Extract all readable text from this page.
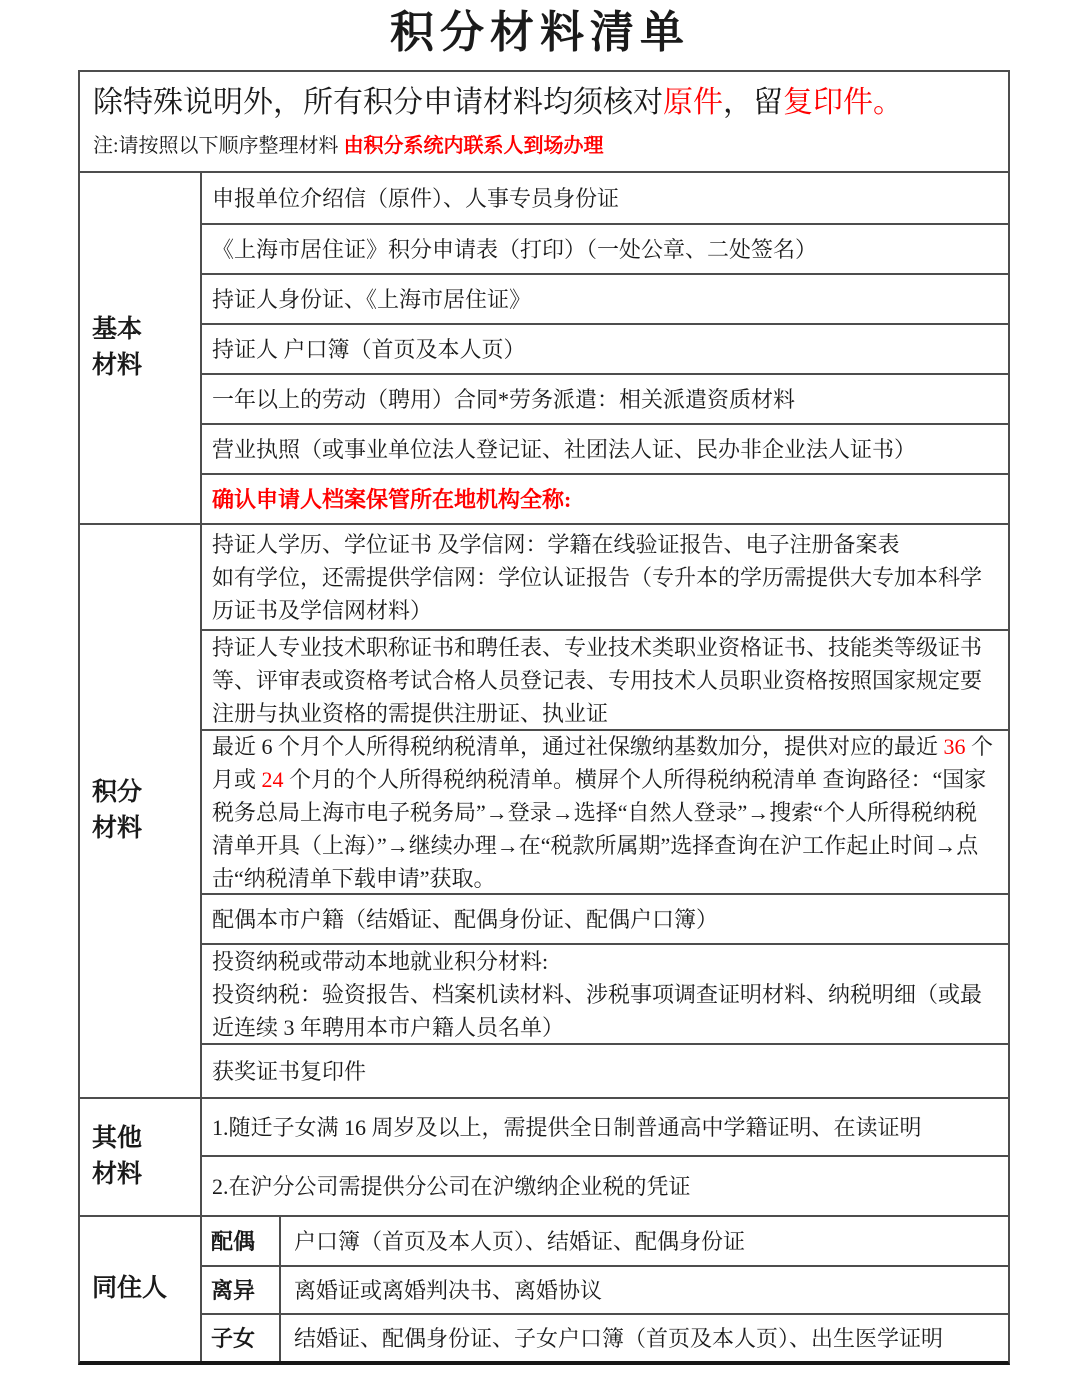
积分材料清单
除特殊说明外，所有积分申请材料均须核对原件，留复印件。
注:请按照以下顺序整理材料 由积分系统内联系人到场办理
基本
材料
申报单位介绍信（原件）、人事专员身份证
《上海市居住证》积分申请表（打印）（一处公章、二处签名）
持证人身份证、《上海市居住证》
持证人 户口簿（首页及本人页）
一年以上的劳动（聘用）合同*劳务派遣：相关派遣资质材料
营业执照（或事业单位法人登记证、社团法人证、民办非企业法人证书）
确认申请人档案保管所在地机构全称:
积分
材料
持证人学历、学位证书 及学信网：学籍在线验证报告、电子注册备案表
如有学位，还需提供学信网：学位认证报告（专升本的学历需提供大专加本科学历证书及学信网材料）
持证人专业技术职称证书和聘任表、专业技术类职业资格证书、技能类等级证书等、评审表或资格考试合格人员登记表、专用技术人员职业资格按照国家规定要注册与执业资格的需提供注册证、执业证
最近 6 个月个人所得税纳税清单，通过社保缴纳基数加分，提供对应的最近 36 个月或 24 个月的个人所得税纳税清单。横屏个人所得税纳税清单 查询路径：“国家税务总局上海市电子税务局”→登录→选择“自然人登录”→搜索“个人所得税纳税清单开具（上海）”→继续办理→在“税款所属期”选择查询在沪工作起止时间→点击“纳税清单下载申请”获取。
配偶本市户籍（结婚证、配偶身份证、配偶户口簿）
投资纳税或带动本地就业积分材料:
投资纳税：验资报告、档案机读材料、涉税事项调查证明材料、纳税明细（或最近连续 3 年聘用本市户籍人员名单）
获奖证书复印件
其他
材料
1.随迁子女满 16 周岁及以上，需提供全日制普通高中学籍证明、在读证明
2.在沪分公司需提供分公司在沪缴纳企业税的凭证
同住人
配偶	户口簿（首页及本人页）、结婚证、配偶身份证
离异	离婚证或离婚判决书、离婚协议
子女	结婚证、配偶身份证、子女户口簿（首页及本人页）、出生医学证明
